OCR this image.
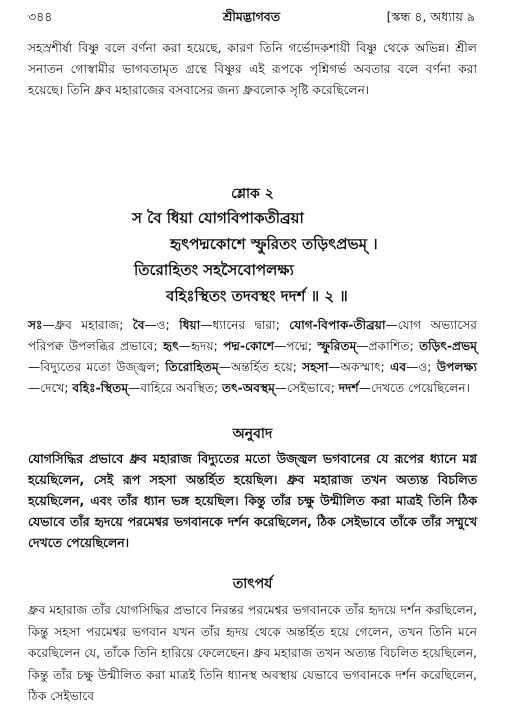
৩৪৪	শ্রীমদ্ভাগবত	[স্কন্ধ ৪, অধ্যায় ৯

সহস্রশীর্ষা বিষ্ণু বলে বর্ণনা করা হয়েছে, কারণ তিনি গর্ভোদকশায়ী বিষ্ণু থেকে অভিন্ন। শ্রীল সনাতন গোস্বামীর ভাগবতামৃত গ্রন্থে বিষ্ণুর এই রূপকে পৃশ্নিগর্ভ অবতার বলে বর্ণনা করা হয়েছে। তিনি ধ্রুব মহারাজের বসবাসের জন্য ধ্রুবলোক সৃষ্টি করেছিলেন।

শ্লোক ২
স বৈ ধিয়া যোগবিপাকতীব্রয়া
হৃৎপদ্মকোশে স্ফুরিতং তড়িৎপ্রভম্ ।
তিরোহিতং সহসৈবোপলক্ষ্য
বহিঃস্থিতং তদবস্থং দদর্শ ॥ ২ ॥

সঃ—ধ্রুব মহারাজ; বৈ—ও; ধিয়া—ধ্যানের দ্বারা; যোগ-বিপাক-তীব্রয়া—যোগ অভ্যাসের পরিপক্ব উপলব্ধির প্রভাবে; হৃৎ—হৃদয়; পদ্ম-কোশে—পদ্মে; স্ফুরিতম্—প্রকাশিত; তড়িৎ-প্রভম্—বিদ্যুতের মতো উজ্জ্বল; তিরোহিতম্—অন্তর্হিত হয়ে; সহসা—অকস্মাৎ; এব—ও; উপলক্ষ্য—দেখে; বহিঃ-স্থিতম্—বাহিরে অবস্থিত; তৎ-অবস্থম্—সেইভাবে; দদর্শ—দেখতে পেয়েছিলেন।

অনুবাদ

যোগসিদ্ধির প্রভাবে ধ্রুব মহারাজ বিদ্যুতের মতো উজ্জ্বল ভগবানের যে রূপের ধ্যানে মগ্ন হয়েছিলেন, সেই রূপ সহসা অন্তর্হিত হয়েছিল। ধ্রুব মহারাজ তখন অত্যন্ত বিচলিত হয়েছিলেন, এবং তাঁর ধ্যান ভঙ্গ হয়েছিল। কিন্তু তাঁর চক্ষু উন্মীলিত করা মাত্রই তিনি ঠিক যেভাবে তাঁর হৃদয়ে পরমেশ্বর ভগবানকে দর্শন করেছিলেন, ঠিক সেইভাবে তাঁকে তাঁর সম্মুখে দেখতে পেয়েছিলেন।

তাৎপর্য

ধ্রুব মহারাজ তাঁর যোগসিদ্ধির প্রভাবে নিরন্তর পরমেশ্বর ভগবানকে তাঁর হৃদয়ে দর্শন করছিলেন, কিন্তু সহসা পরমেশ্বর ভগবান যখন তাঁর হৃদয় থেকে অন্তর্হিত হয়ে গেলেন, তখন তিনি মনে করেছিলেন যে, তাঁকে তিনি হারিয়ে ফেলেছেন। ধ্রুব মহারাজ তখন অত্যন্ত বিচলিত হয়েছিলেন, কিন্তু তাঁর চক্ষু উন্মীলিত করা মাত্রই তিনি ধ্যানস্থ অবস্থায় যেভাবে ভগবানকে দর্শন করেছিলেন, ঠিক সেইভাবে
